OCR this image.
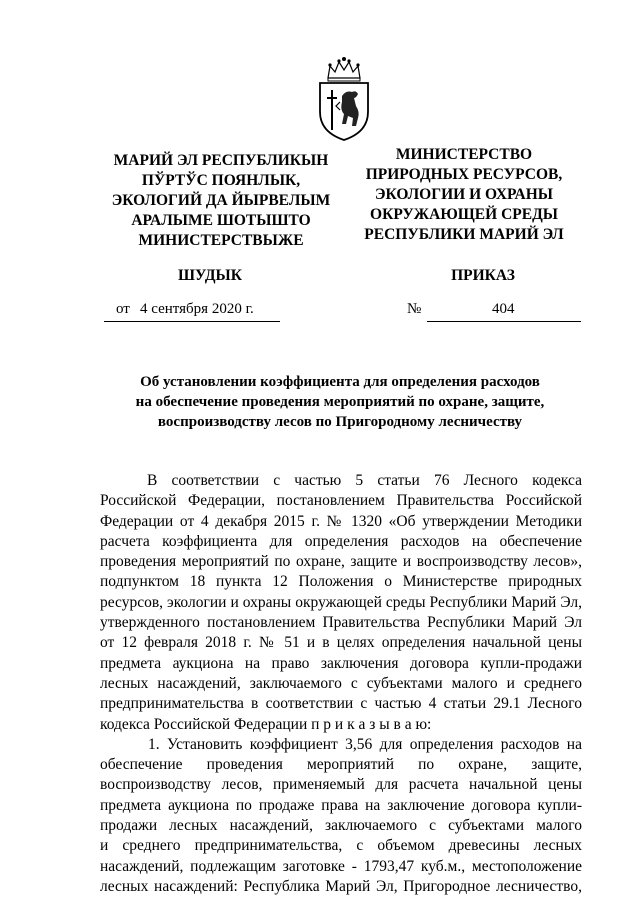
МАРИЙ ЭЛ РЕСПУБЛИКЫН
ПЎРТЎС ПОЯНЛЫК,
ЭКОЛОГИЙ ДА ЙЫРВЕЛЫМ
АРАЛЫМЕ ШОТЫШТО
МИНИСТЕРСТВЫЖЕ
МИНИСТЕРСТВО
ПРИРОДНЫХ РЕСУРСОВ,
ЭКОЛОГИИ И ОХРАНЫ
ОКРУЖАЮЩЕЙ СРЕДЫ
РЕСПУБЛИКИ МАРИЙ ЭЛ
ШУДЫК	ПРИКАЗ
от 4 сентября 2020 г.	№	404
Об установлении коэффициента для определения расходов
на обеспечение проведения мероприятий по охране, защите,
воспроизводству лесов по Пригородному лесничеству
В соответствии с частью 5 статьи 76 Лесного кодекса
Российской Федерации, постановлением Правительства Российской
Федерации от 4 декабря 2015 г. № 1320 «Об утверждении Методики
расчета коэффициента для определения расходов на обеспечение
проведения мероприятий по охране, защите и воспроизводству лесов»,
подпунктом 18 пункта 12 Положения о Министерстве природных
ресурсов, экологии и охраны окружающей среды Республики Марий Эл,
утвержденного постановлением Правительства Республики Марий Эл
от 12 февраля 2018 г. № 51 и в целях определения начальной цены
предмета аукциона на право заключения договора купли-продажи
лесных насаждений, заключаемого с субъектами малого и среднего
предпринимательства в соответствии с частью 4 статьи 29.1 Лесного
кодекса Российской Федерации п р и к а з ы в а ю:
1. Установить коэффициент 3,56 для определения расходов на
обеспечение проведения мероприятий по охране, защите,
воспроизводству лесов, применяемый для расчета начальной цены
предмета аукциона по продаже права на заключение договора купли-
продажи лесных насаждений, заключаемого с субъектами малого
и среднего предпринимательства, с объемом древесины лесных
насаждений, подлежащим заготовке - 1793,47 куб.м., местоположение
лесных насаждений: Республика Марий Эл, Пригородное лесничество,
